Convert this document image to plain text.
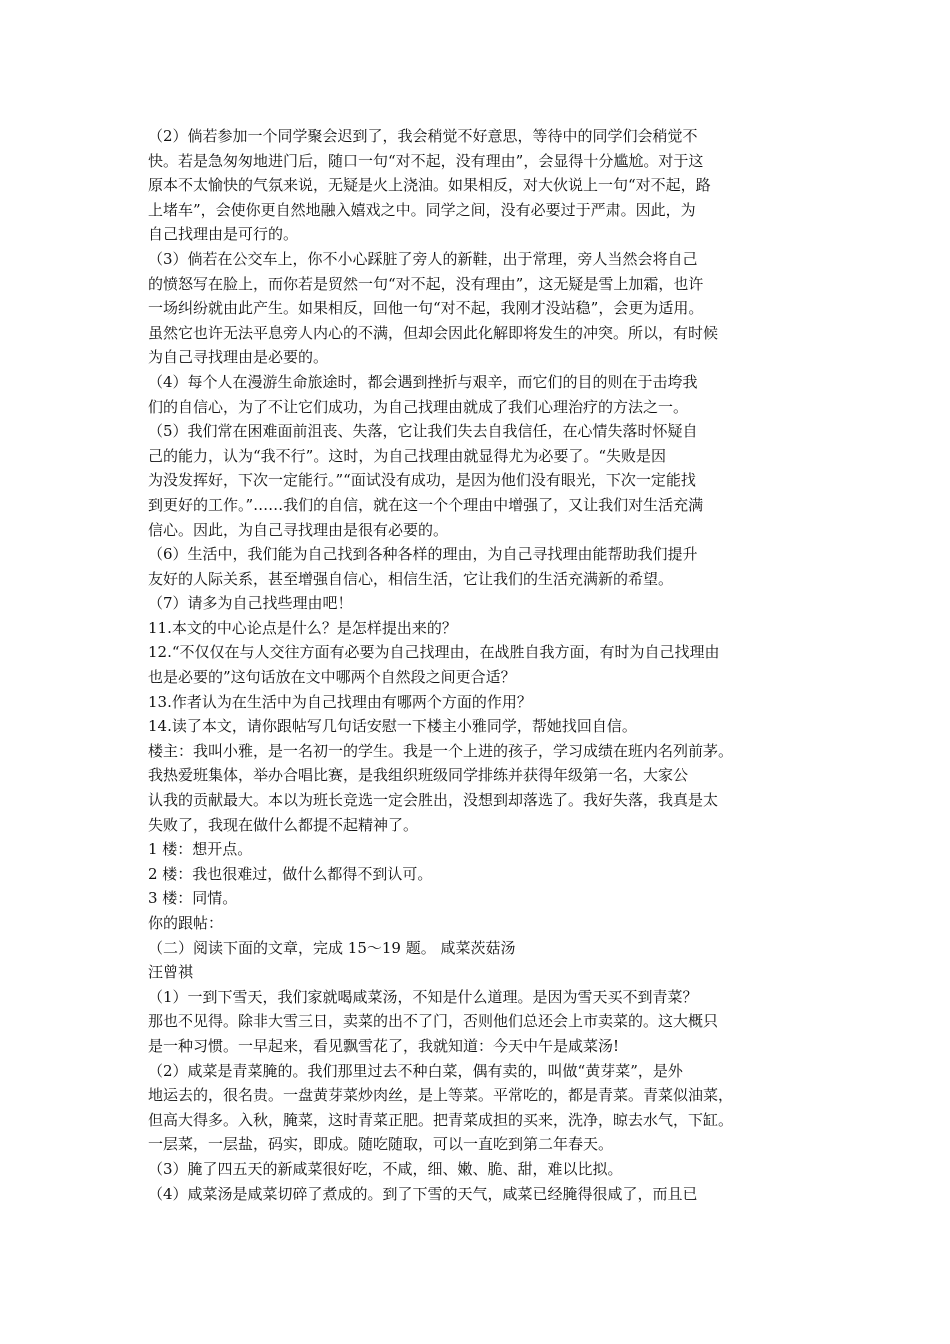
（2）倘若参加一个同学聚会迟到了，我会稍觉不好意思，等待中的同学们会稍觉不
快。若是急匆匆地进门后，随口一句“对不起，没有理由”，会显得十分尴尬。对于这
原本不太愉快的气氛来说，无疑是火上浇油。如果相反，对大伙说上一句“对不起，路
上堵车”，会使你更自然地融入嬉戏之中。同学之间，没有必要过于严肃。因此，为
自己找理由是可行的。
（3）倘若在公交车上，你不小心踩脏了旁人的新鞋，出于常理，旁人当然会将自己
的愤怒写在脸上，而你若是贸然一句“对不起，没有理由”，这无疑是雪上加霜，也许
一场纠纷就由此产生。如果相反，回他一句“对不起，我刚才没站稳”，会更为适用。
虽然它也许无法平息旁人内心的不满，但却会因此化解即将发生的冲突。所以，有时候
为自己寻找理由是必要的。
（4）每个人在漫游生命旅途时，都会遇到挫折与艰辛，而它们的目的则在于击垮我
们的自信心，为了不让它们成功，为自己找理由就成了我们心理治疗的方法之一。
（5）我们常在困难面前沮丧、失落，它让我们失去自我信任，在心情失落时怀疑自
己的能力，认为“我不行”。这时，为自己找理由就显得尤为必要了。“失败是因
为没发挥好，下次一定能行。”“面试没有成功，是因为他们没有眼光，下次一定能找
到更好的工作。”……我们的自信，就在这一个个理由中增强了，又让我们对生活充满
信心。因此，为自己寻找理由是很有必要的。
（6）生活中，我们能为自己找到各种各样的理由，为自己寻找理由能帮助我们提升
友好的人际关系，甚至增强自信心，相信生活，它让我们的生活充满新的希望。
（7）请多为自己找些理由吧！
11.本文的中心论点是什么？是怎样提出来的？
12.“不仅仅在与人交往方面有必要为自己找理由，在战胜自我方面，有时为自己找理由
也是必要的”这句话放在文中哪两个自然段之间更合适？
13.作者认为在生活中为自己找理由有哪两个方面的作用？
14.读了本文，请你跟帖写几句话安慰一下楼主小雅同学，帮她找回自信。
楼主：我叫小雅，是一名初一的学生。我是一个上进的孩子，学习成绩在班内名列前茅。
我热爱班集体，举办合唱比赛，是我组织班级同学排练并获得年级第一名，大家公
认我的贡献最大。本以为班长竞选一定会胜出，没想到却落选了。我好失落，我真是太
失败了，我现在做什么都提不起精神了。
1 楼：想开点。
2 楼：我也很难过，做什么都得不到认可。
3 楼：同情。
你的跟帖：
（二）阅读下面的文章，完成 15～19 题。 咸菜茨菇汤
汪曾祺
（1）一到下雪天，我们家就喝咸菜汤，不知是什么道理。是因为雪天买不到青菜？
那也不见得。除非大雪三日，卖菜的出不了门，否则他们总还会上市卖菜的。这大概只
是一种习惯。一早起来，看见飘雪花了，我就知道：今天中午是咸菜汤!
（2）咸菜是青菜腌的。我们那里过去不种白菜，偶有卖的，叫做“黄芽菜”，是外
地运去的，很名贵。一盘黄芽菜炒肉丝，是上等菜。平常吃的，都是青菜。青菜似油菜，
但高大得多。入秋，腌菜，这时青菜正肥。把青菜成担的买来，洗净，晾去水气，下缸。
一层菜，一层盐，码实，即成。随吃随取，可以一直吃到第二年春天。
（3）腌了四五天的新咸菜很好吃，不咸，细、嫩、脆、甜，难以比拟。
（4）咸菜汤是咸菜切碎了煮成的。到了下雪的天气，咸菜已经腌得很咸了，而且已
